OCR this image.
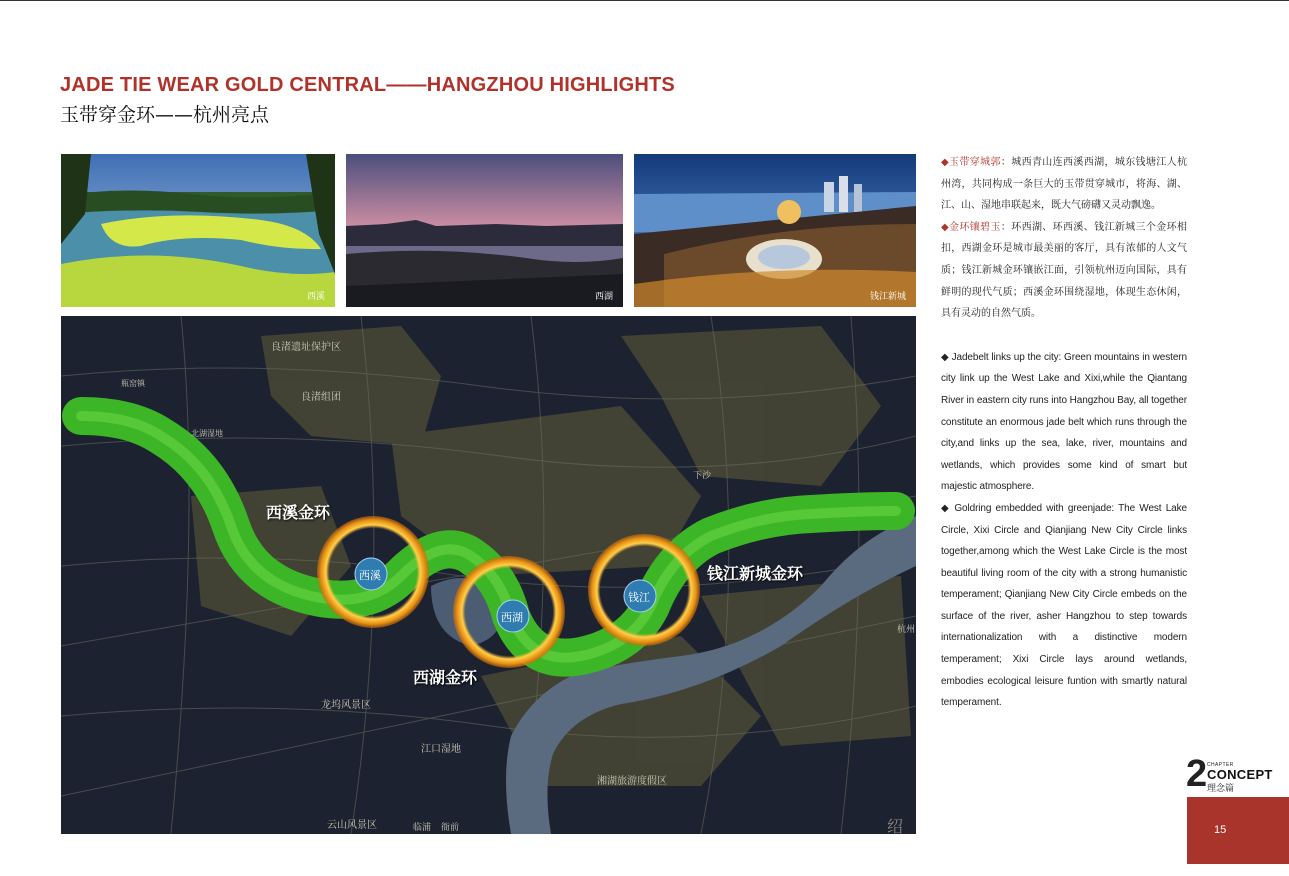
JADE TIE WEAR GOLD CENTRAL——HANGZHOU HIGHLIGHTS
玉带穿金环——杭州亮点
西溪	西湖	钱江新城
良渚遗址保护区
良渚组团
北湖湿地
瓶窑镇
龙坞风景区
江口湿地
湘湖旅游度假区
云山风景区	临浦 衙前
下沙
杭州
绍
西溪金环
西湖金环
钱江新城金环
西溪
西湖
钱江

◆玉带穿城郭：城西青山连西溪西湖，城东钱塘江人杭州湾，共同构成一条巨大的玉带贯穿城市，将海、湖、江、山、湿地串联起来，既大气磅礴又灵动飘逸。

◆金环镶碧玉：环西湖、环西溪、钱江新城三个金环相扣，西湖金环是城市最美丽的客厅，具有浓郁的人文气质；钱江新城金环镶嵌江面，引领杭州迈向国际，具有鲜明的现代气质；西溪金环围绕湿地，体现生态休闲，具有灵动的自然气质。

◆ Jadebelt links up the city: Green mountains in western city link up the West Lake and Xixi,while the Qiantang River in eastern city runs into Hangzhou Bay, all together constitute an enormous jade belt which runs through the city,and links up the sea, lake, river, mountains and wetlands, which provides some kind of smart but majestic atmosphere.

◆ Goldring embedded with greenjade: The West Lake Circle, Xixi Circle and Qianjiang New City Circle links together,among which the West Lake Circle is the most beautiful living room of the city with a strong humanistic temperament; Qianjiang New City Circle embeds on the surface of the river, asher Hangzhou to step towards internationalization with a distinctive modern temperament; Xixi Circle lays around wetlands, embodies ecological leisure funtion with smartly natural temperament.

2 CHAPTER
CONCEPT
理念篇
15
